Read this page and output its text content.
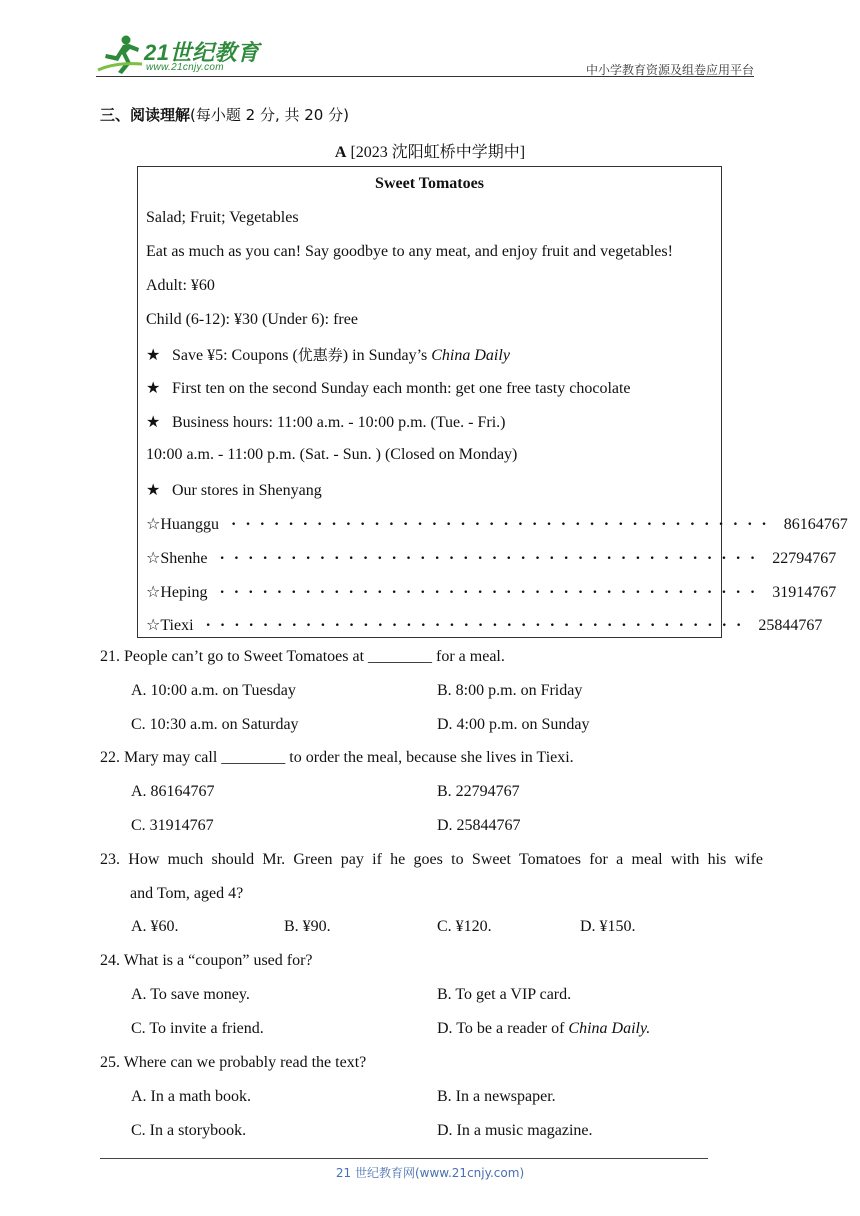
21世纪教育
www.21cnjy.com	中小学教育资源及组卷应用平台
三、阅读理解(每小题 2 分, 共 20 分)
A [2023 沈阳虹桥中学期中]
Sweet Tomatoes
Salad; Fruit; Vegetables
Eat as much as you can! Say goodbye to any meat, and enjoy fruit and vegetables!
Adult: ¥60
Child (6-12): ¥30 (Under 6): free
★ Save ¥5: Coupons (优惠券) in Sunday’s China Daily
★ First ten on the second Sunday each month: get one free tasty chocolate
★ Business hours: 11:00 a.m. - 10:00 p.m. (Tue. - Fri.)
10:00 a.m. - 11:00 p.m. (Sat. - Sun. ) (Closed on Monday)
★ Our stores in Shenyang
☆ Huanggu ······································ 86164767
☆ Shenhe ······································ 22794767
☆ Heping ······································ 31914767
☆ Tiexi ······································ 25844767
21. People can’t go to Sweet Tomatoes at ________ for a meal.
A. 10:00 a.m. on Tuesday	B. 8:00 p.m. on Friday
C. 10:30 a.m. on Saturday	D. 4:00 p.m. on Sunday
22. Mary may call ________ to order the meal, because she lives in Tiexi.
A. 86164767	B. 22794767
C. 31914767	D. 25844767
23. How much should Mr. Green pay if he goes to Sweet Tomatoes for a meal with his wife
and Tom, aged 4?
A. ¥60.	B. ¥90.	C. ¥120.	D. ¥150.
24. What is a “coupon” used for?
A. To save money.	B. To get a VIP card.
C. To invite a friend.	D. To be a reader of China Daily.
25. Where can we probably read the text?
A. In a math book.	B. In a newspaper.
C. In a storybook.	D. In a music magazine.
21 世纪教育网(www.21cnjy.com)
